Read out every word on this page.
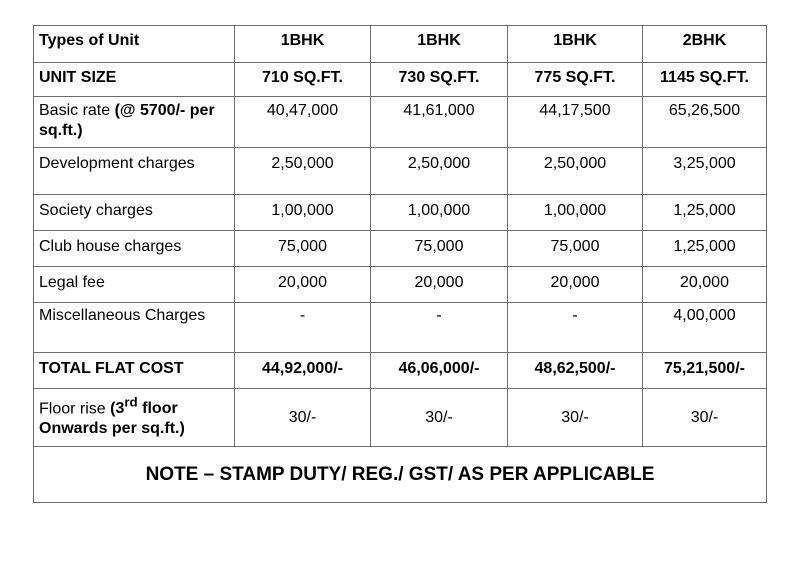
Types of Unit	1BHK	1BHK	1BHK	2BHK
UNIT SIZE	710 SQ.FT.	730 SQ.FT.	775 SQ.FT.	1145 SQ.FT.
Basic rate (@ 5700/- per sq.ft.)	40,47,000	41,61,000	44,17,500	65,26,500
Development charges	2,50,000	2,50,000	2,50,000	3,25,000
Society charges	1,00,000	1,00,000	1,00,000	1,25,000
Club house charges	75,000	75,000	75,000	1,25,000
Legal fee	20,000	20,000	20,000	20,000
Miscellaneous Charges	-	-	-	4,00,000
TOTAL FLAT COST	44,92,000/-	46,06,000/-	48,62,500/-	75,21,500/-
Floor rise (3rd floor Onwards per sq.ft.)	30/-	30/-	30/-	30/-
NOTE – STAMP DUTY/ REG./ GST/ AS PER APPLICABLE				
